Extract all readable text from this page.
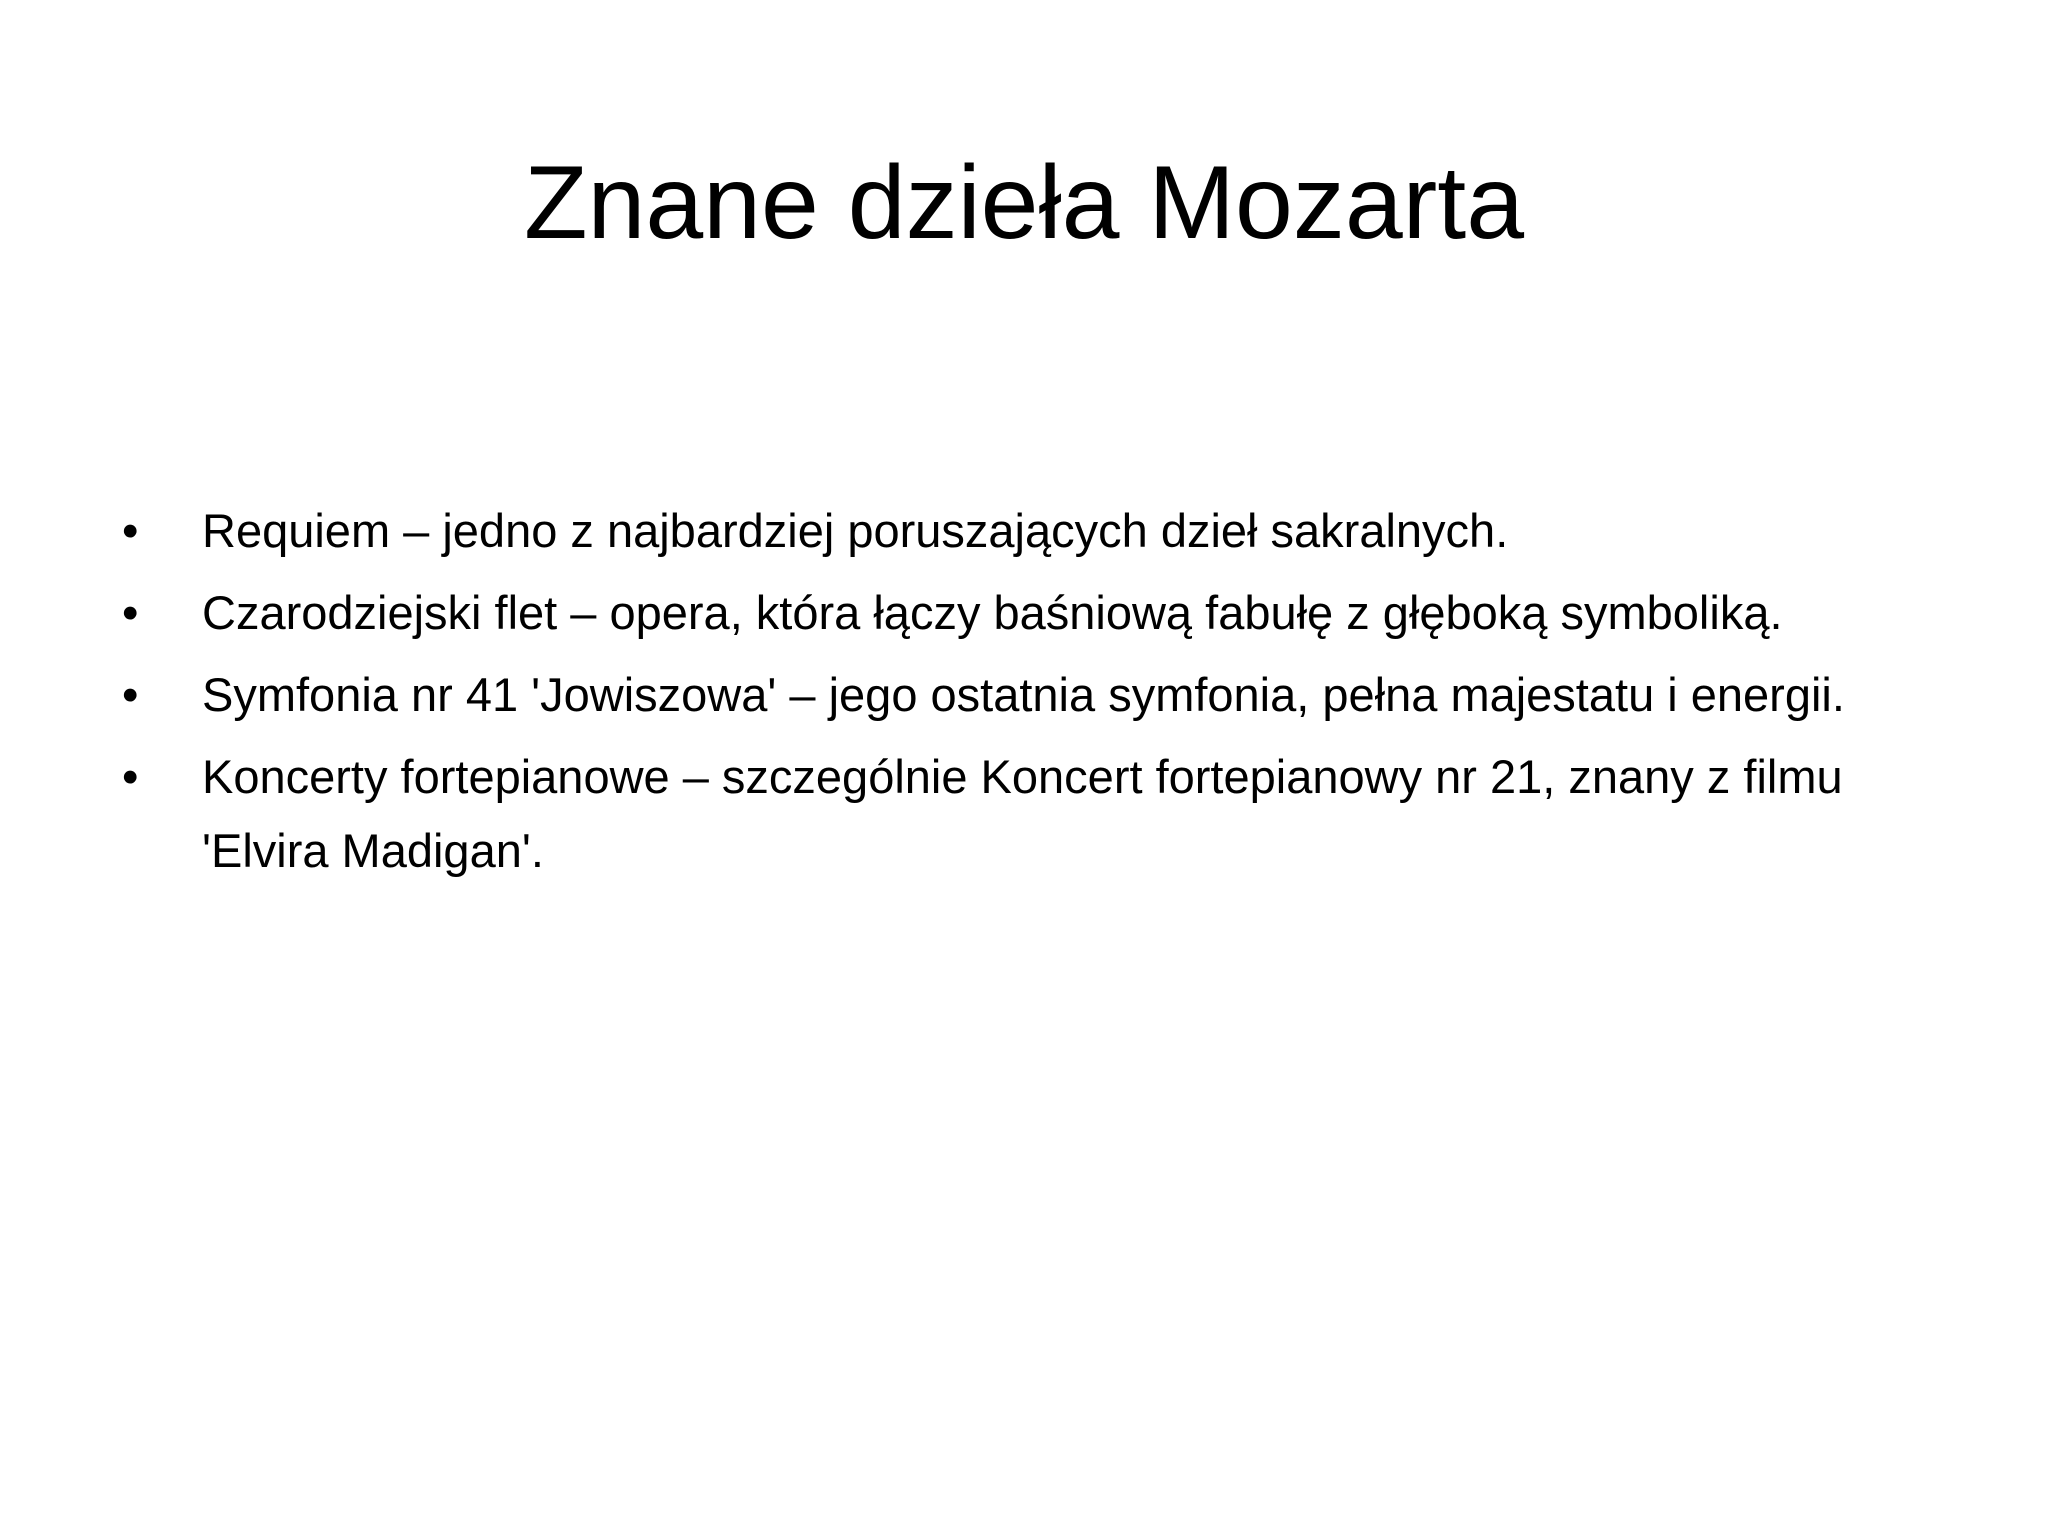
Znane dzieła Mozarta
•	Requiem – jedno z najbardziej poruszających dzieł sakralnych.
•	Czarodziejski flet – opera, która łączy baśniową fabułę z głęboką symboliką.
•	Symfonia nr 41 'Jowiszowa' – jego ostatnia symfonia, pełna majestatu i energii.
•	Koncerty fortepianowe – szczególnie Koncert fortepianowy nr 21, znany z filmu 'Elvira Madigan'.
